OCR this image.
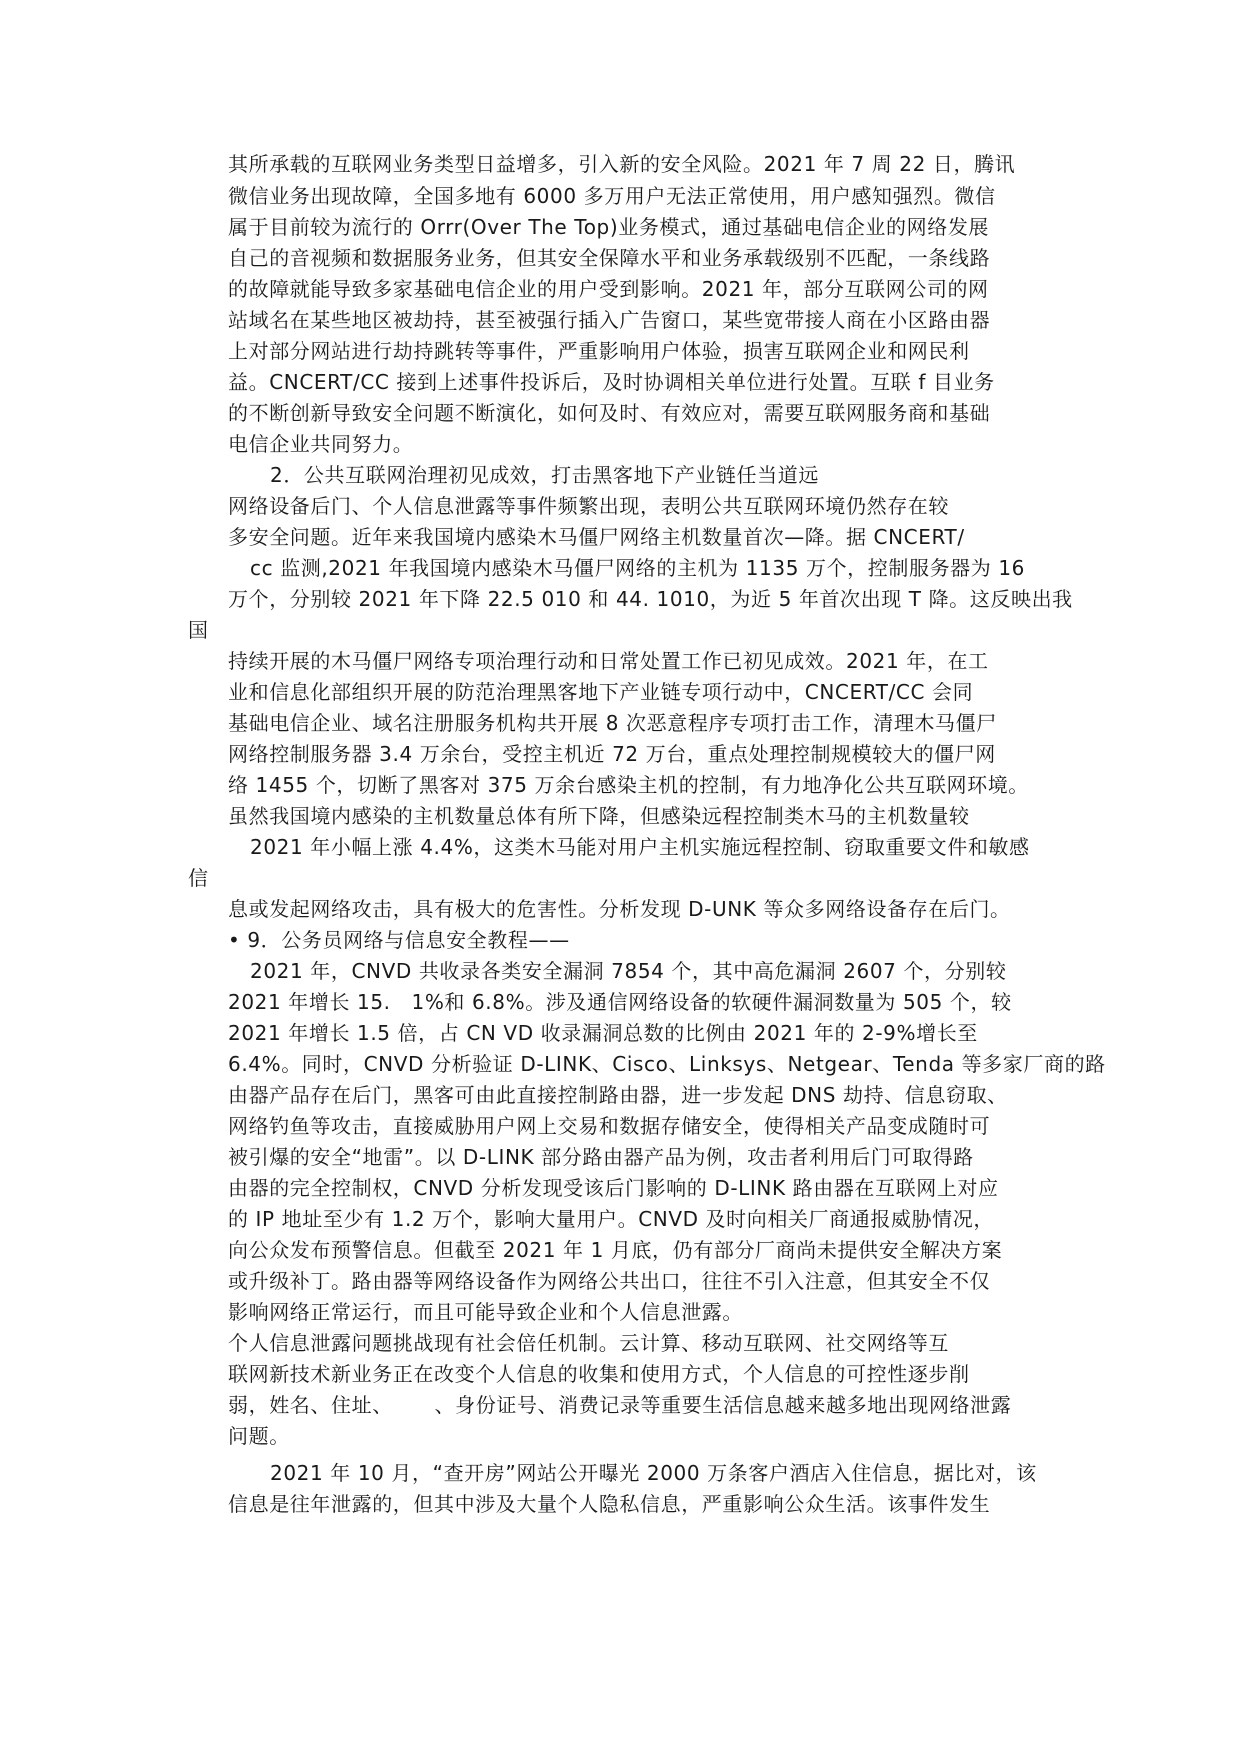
其所承载的互联网业务类型日益增多，引入新的安全风险。2021 年 7 周 22 日，腾讯
微信业务出现故障，全国多地有 6000 多万用户无法正常使用，用户感知强烈。微信
属于目前较为流行的 Orrr(Over The Top)业务模式，通过基础电信企业的网络发展
自己的音视频和数据服务业务，但其安全保障水平和业务承载级别不匹配，一条线路
的故障就能导致多家基础电信企业的用户受到影响。2021 年，部分互联网公司的网
站域名在某些地区被劫持，甚至被强行插入广告窗口，某些宽带接人商在小区路由器
上对部分网站进行劫持跳转等事件，严重影响用户体验，损害互联网企业和网民利
益。CNCERT/CC 接到上述事件投诉后，及时协调相关单位进行处置。互联 f 目业务
的不断创新导致安全问题不断演化，如何及时、有效应对，需要互联网服务商和基础
电信企业共同努力。
2．公共互联网治理初见成效，打击黑客地下产业链任当道远
网络设备后门、个人信息泄露等事件频繁出现，表明公共互联网环境仍然存在较
多安全问题。近年来我国境内感染木马僵尸网络主机数量首次—降。据 CNCERT/
cc 监测,2021 年我国境内感染木马僵尸网络的主机为 1135 万个，控制服务器为 16
万个，分别较 2021 年下降 22.5 010 和 44. 1010，为近 5 年首次出现 T 降。这反映出我
国
持续开展的木马僵尸网络专项治理行动和日常处置工作已初见成效。2021 年，在工
业和信息化部组织开展的防范治理黑客地下产业链专项行动中，CNCERT/CC 会同
基础电信企业、域名注册服务机构共开展 8 次恶意程序专项打击工作，清理木马僵尸
网络控制服务器 3.4 万余台，受控主机近 72 万台，重点处理控制规模较大的僵尸网
络 1455 个，切断了黑客对 375 万余台感染主机的控制，有力地净化公共互联网环境。
虽然我国境内感染的主机数量总体有所下降，但感染远程控制类木马的主机数量较
2021 年小幅上涨 4.4%，这类木马能对用户主机实施远程控制、窃取重要文件和敏感
信
息或发起网络攻击，具有极大的危害性。分析发现 D-UNK 等众多网络设备存在后门。
• 9．公务员网络与信息安全教程——
2021 年，CNVD 共收录各类安全漏洞 7854 个，其中高危漏洞 2607 个，分别较
2021 年增长 15.   1%和 6.8%。涉及通信网络设备的软硬件漏洞数量为 505 个，较
2021 年增长 1.5 倍，占 CN VD 收录漏洞总数的比例由 2021 年的 2-9%增长至
6.4%。同时，CNVD 分析验证 D-LINK、Cisco、Linksys、Netgear、Tenda 等多家厂商的路
由器产品存在后门，黑客可由此直接控制路由器，进一步发起 DNS 劫持、信息窃取、
网络钓鱼等攻击，直接威胁用户网上交易和数据存储安全，使得相关产品变成随时可
被引爆的安全“地雷”。以 D-LINK 部分路由器产品为例，攻击者利用后门可取得路
由器的完全控制权，CNVD 分析发现受该后门影响的 D-LINK 路由器在互联网上对应
的 IP 地址至少有 1.2 万个，影响大量用户。CNVD 及时向相关厂商通报威胁情况，
向公众发布预警信息。但截至 2021 年 1 月底，仍有部分厂商尚未提供安全解决方案
或升级补丁。路由器等网络设备作为网络公共出口，往往不引入注意，但其安全不仅
影响网络正常运行，而且可能导致企业和个人信息泄露。
个人信息泄露问题挑战现有社会倍任机制。云计算、移动互联网、社交网络等互
联网新技术新业务正在改变个人信息的收集和使用方式，个人信息的可控性逐步削
弱，姓名、住址、      、身份证号、消费记录等重要生活信息越来越多地出现网络泄露
问题。
2021 年 10 月，“查开房”网站公开曝光 2000 万条客户酒店入住信息，据比对，该
信息是往年泄露的，但其中涉及大量个人隐私信息，严重影响公众生活。该事件发生
